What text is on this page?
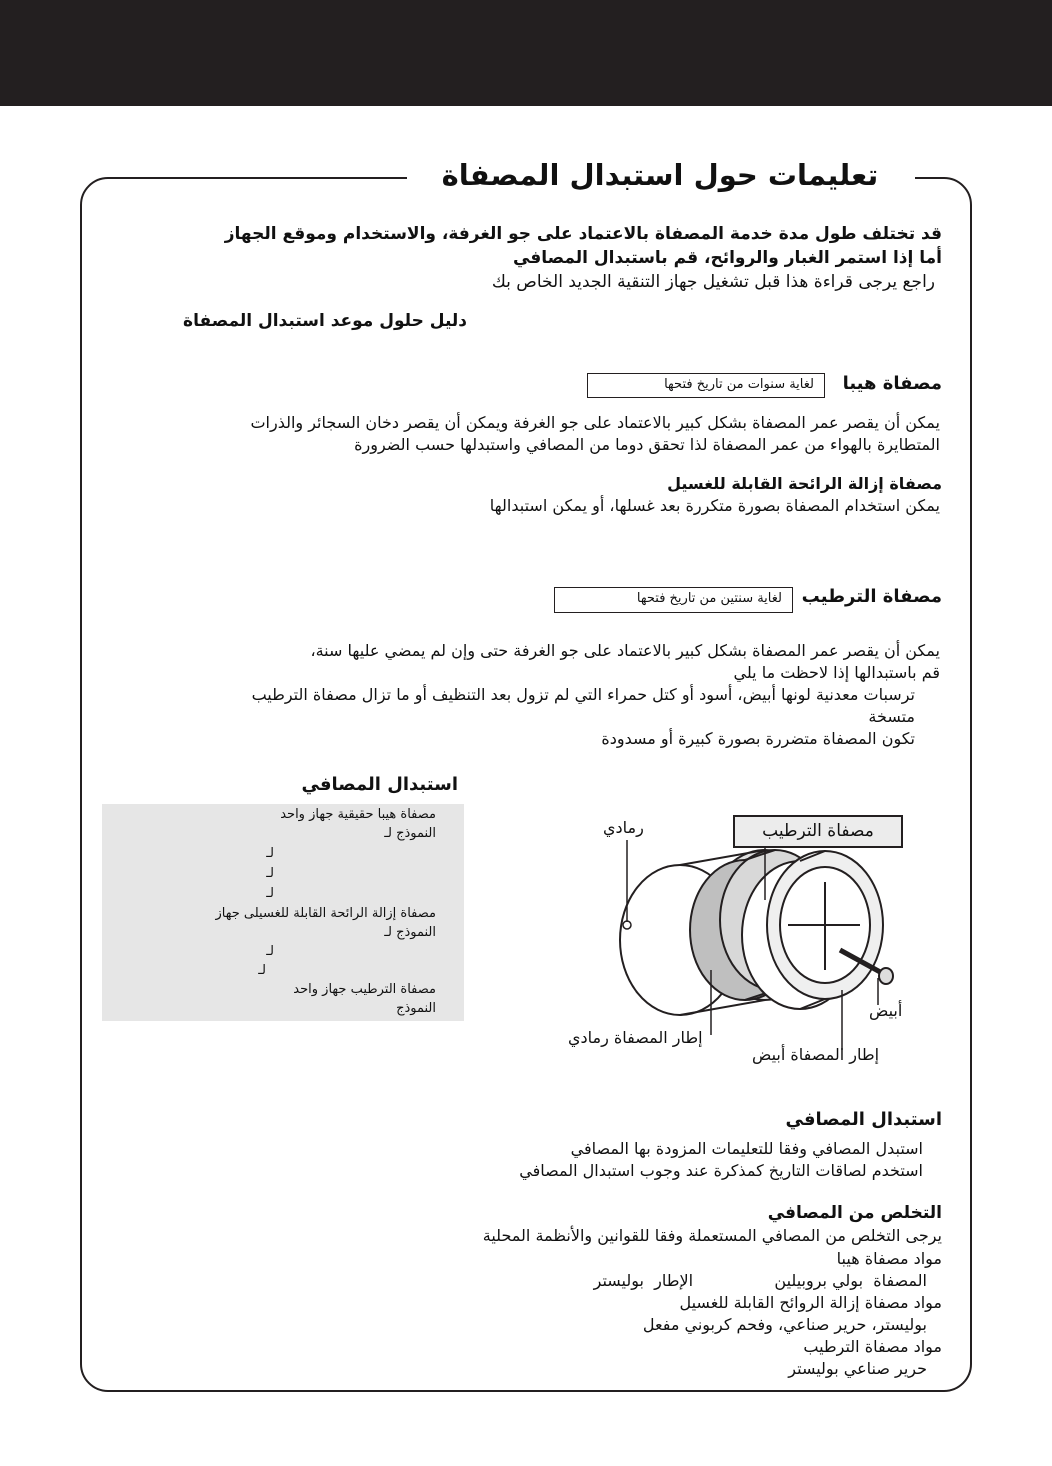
تعليمات حول استبدال المصفاة
قد تختلف طول مدة خدمة المصفاة بالاعتماد على جو الغرفة، والاستخدام وموقع الجهاز
أما إذا استمر الغبار والروائح، قم باستبدال المصافي
راجع يرجى قراءة هذا قبل تشغيل جهاز التنقية الجديد الخاص بك
دليل حلول موعد استبدال المصفاة
مصفاة هيبا
لغاية سنوات من تاريخ فتحها
يمكن أن يقصر عمر المصفاة بشكل كبير بالاعتماد على جو الغرفة ويمكن أن يقصر دخان السجائر والذرات
المتطايرة بالهواء من عمر المصفاة لذا تحقق دوما من المصافي واستبدلها حسب الضرورة
مصفاة إزالة الرائحة القابلة للغسيل
يمكن استخدام المصفاة بصورة متكررة بعد غسلها، أو يمكن استبدالها
مصفاة الترطيب
لغاية سنتين من تاريخ فتحها
يمكن أن يقصر عمر المصفاة بشكل كبير بالاعتماد على جو الغرفة حتى وإن لم يمضي عليها سنة،
قم باستبدالها إذا لاحظت ما يلي
ترسبات معدنية لونها أبيض، أسود أو كتل حمراء التي لم تزول بعد التنظيف أو ما تزال مصفاة الترطيب
متسخة
تكون المصفاة متضررة بصورة كبيرة أو مسدودة
استبدال المصافي
مصفاة هيبا حقيقية جهاز واحد
النموذج لـ
لـ
لـ
لـ
مصفاة إزالة الرائحة القابلة للغسيلى جهاز
النموذج لـ
لـ
لـ
مصفاة الترطيب جهاز واحد
النموذج
رمادي	مصفاة الترطيب
أبيض
إطار المصفاة رمادي
إطار المصفاة أبيض
استبدال المصافي
استبدل المصافي وفقا للتعليمات المزودة بها المصافي
استخدم لصاقات التاريخ كمذكرة عند وجوب استبدال المصافي
التخلص من المصافي
يرجى التخلص من المصافي المستعملة وفقا للقوانين والأنظمة المحلية
مواد مصفاة هيبا
المصفاة  بولي بروبيلين                الإطار  بوليستر
مواد مصفاة إزالة الروائح القابلة للغسيل
بوليستر، حرير صناعي، وفحم كربوني مفعل
مواد مصفاة الترطيب
حرير صناعي بوليستر
